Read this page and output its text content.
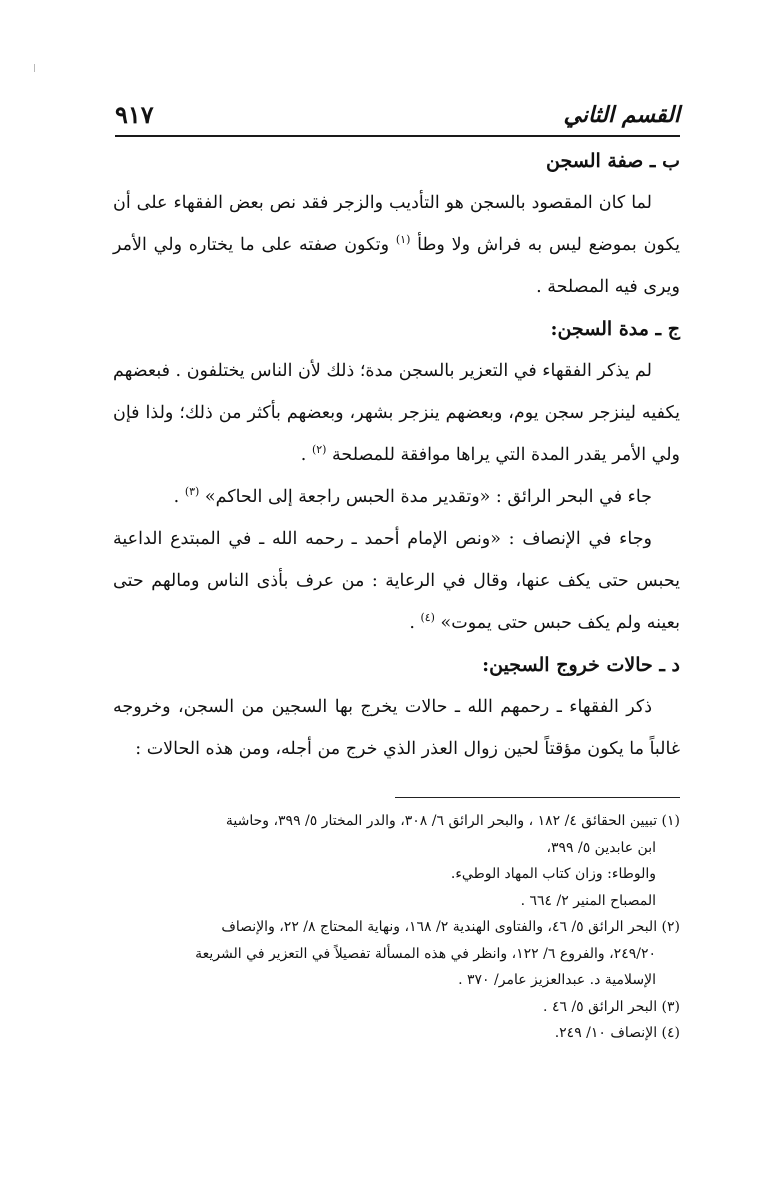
القسم الثاني
٩١٧
ب ـ صفة السجن

لما كان المقصود بالسجن هو التأديب والزجر فقد نص بعض الفقهاء على أن يكون بموضع ليس به فراش ولا وطأ $^{(١)}$ وتكون صفته على ما يختاره ولي الأمر ويرى فيه المصلحة .

ج ـ مدة السجن:

لم يذكر الفقهاء في التعزير بالسجن مدة؛ ذلك لأن الناس يختلفون . فبعضهم يكفيه لينزجر سجن يوم، وبعضهم ينزجر بشهر، وبعضهم بأكثر من ذلك؛ ولذا فإن ولي الأمر يقدر المدة التي يراها موافقة للمصلحة $^{(٢)}$ .

جاء في البحر الرائق : «وتقدير مدة الحبس راجعة إلى الحاكم» $^{(٣)}$ .

وجاء في الإنصاف : «ونص الإمام أحمد ـ رحمه الله ـ في المبتدع الداعية يحبس حتى يكف عنها، وقال في الرعاية : من عرف بأذى الناس ومالهم حتى بعينه ولم يكف حبس حتى يموت» $^{(٤)}$ .

د ـ حالات خروج السجين:

ذكر الفقهاء ـ رحمهم الله ـ حالات يخرج بها السجين من السجن، وخروجه غالباً ما يكون مؤقتاً لحين زوال العذر الذي خرج من أجله، ومن هذه الحالات :

(١) تبيين الحقائق ٤/ ١٨٢ ، والبحر الرائق ٦/ ٣٠٨، والدر المختار ٥/ ٣٩٩، وحاشية

ابن عابدين ٥/ ٣٩٩،

والوطاء: وزان كتاب المهاد الوطيء.

المصباح المنير ٢/ ٦٦٤ .

(٢) البحر الرائق ٥/ ٤٦، والفتاوى الهندية ٢/ ١٦٨، ونهاية المحتاج ٨/ ٢٢، والإنصاف

٢٤٩/٢٠، والفروع ٦/ ١٢٢، وانظر في هذه المسألة تفصيلاً في التعزير في الشريعة

الإسلامية د. عبدالعزيز عامر/ ٣٧٠ .

(٣) البحر الرائق ٥/ ٤٦ .

(٤) الإنصاف ١٠/ ٢٤٩.
